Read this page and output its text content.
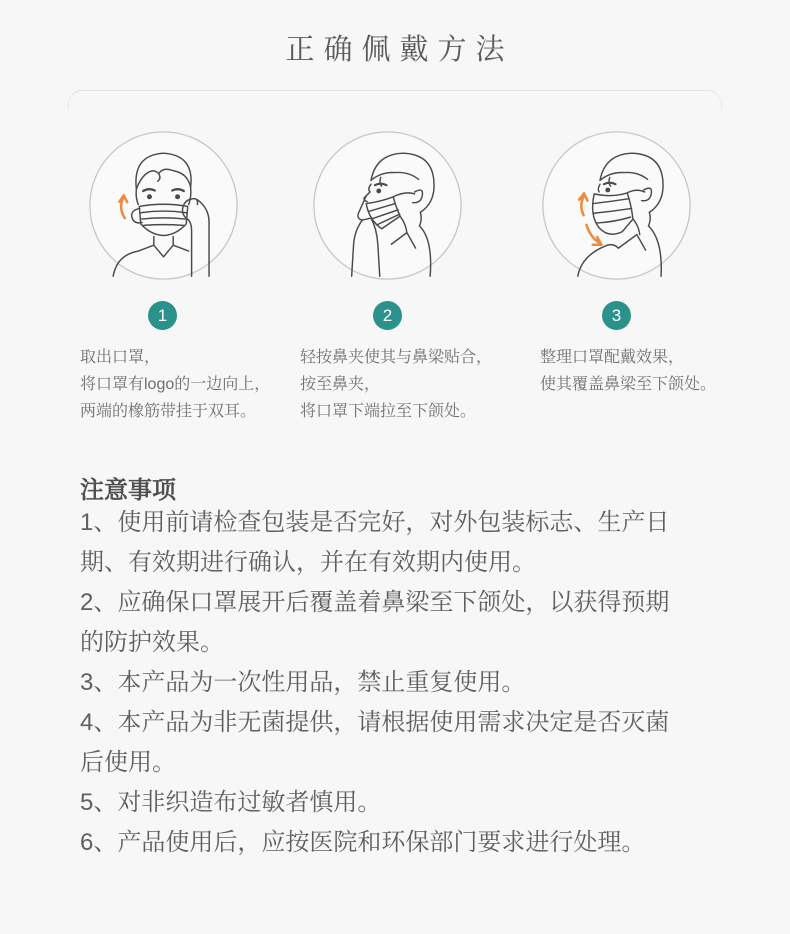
正确佩戴方法
1	2	3
取出口罩，
将口罩有logo的一边向上，
两端的橡筋带挂于双耳。
轻按鼻夹使其与鼻梁贴合，
按至鼻夹，
将口罩下端拉至下颌处。
整理口罩配戴效果，
使其覆盖鼻梁至下颌处。
注意事项

1、使用前请检查包装是否完好，对外包装标志、生产日期、有效期进行确认，并在有效期内使用。

2、应确保口罩展开后覆盖着鼻梁至下颌处，以获得预期的防护效果。

3、本产品为一次性用品，禁止重复使用。

4、本产品为非无菌提供，请根据使用需求决定是否灭菌后使用。

5、对非织造布过敏者慎用。

6、产品使用后，应按医院和环保部门要求进行处理。
